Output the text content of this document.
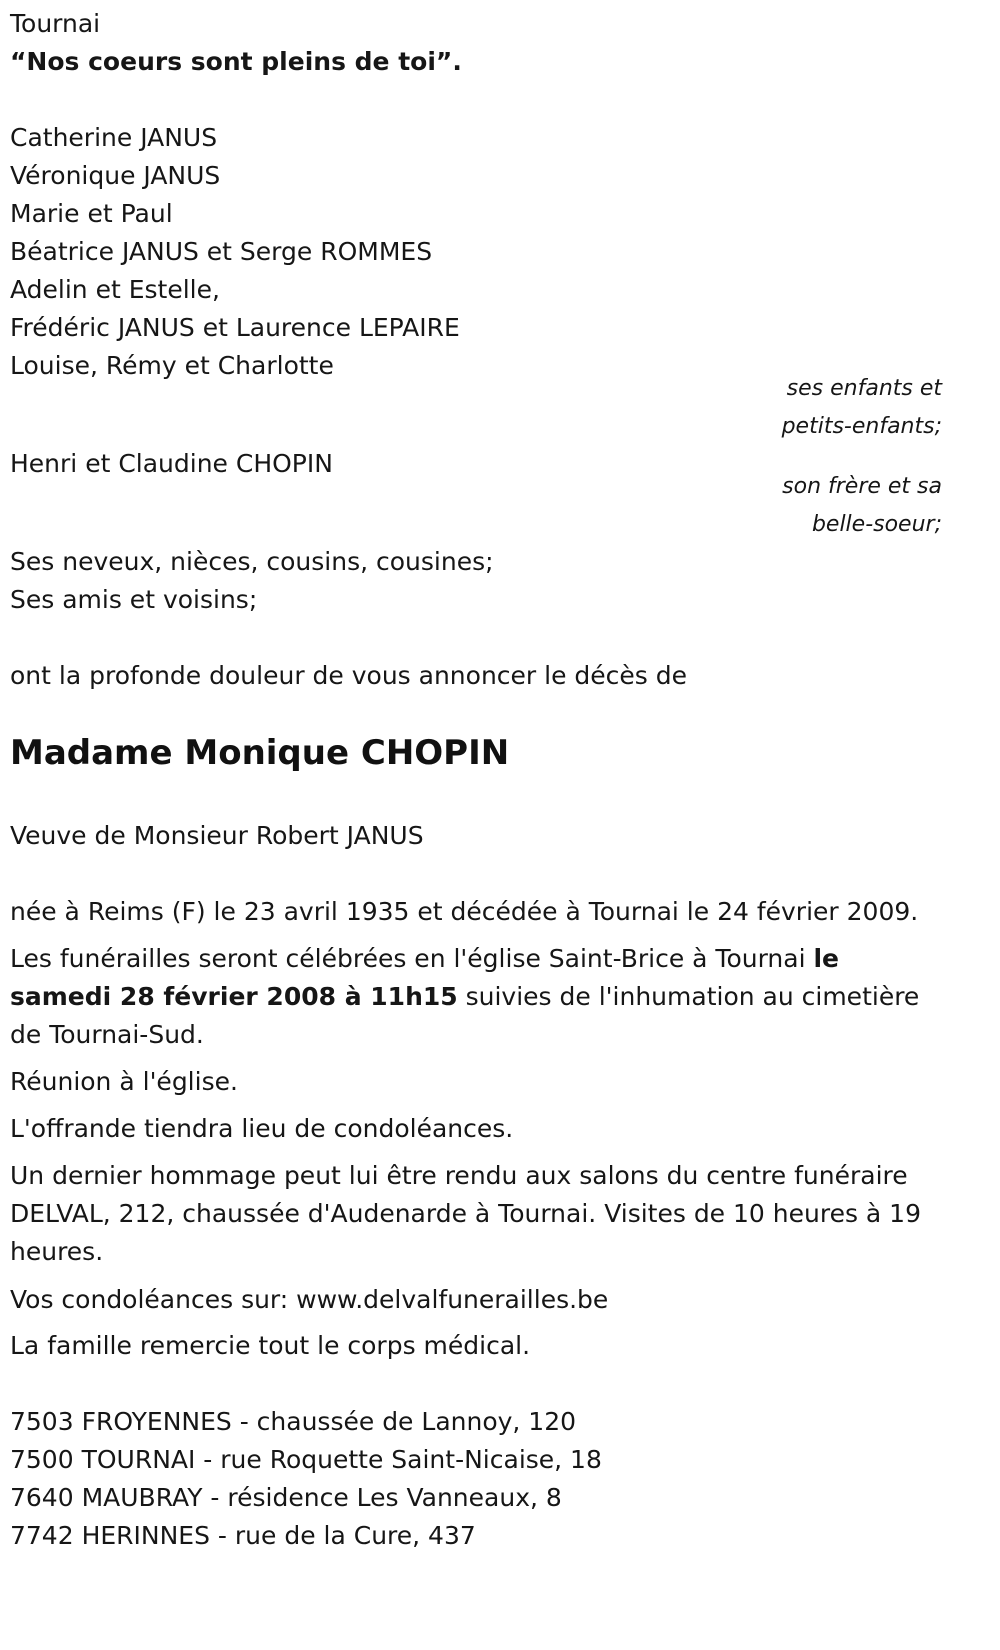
Tournai
“Nos coeurs sont pleins de toi”.
Catherine JANUS
Véronique JANUS
Marie et Paul
Béatrice JANUS et Serge ROMMES
Adelin et Estelle,
Frédéric JANUS et Laurence LEPAIRE
Louise, Rémy et Charlotte
ses enfants et
petits-enfants;
Henri et Claudine CHOPIN
son frère et sa
belle-soeur;
Ses neveux, nièces, cousins, cousines;
Ses amis et voisins;
ont la profonde douleur de vous annoncer le décès de
Madame Monique CHOPIN
Veuve de Monsieur Robert JANUS
née à Reims (F) le 23 avril 1935 et décédée à Tournai le 24 février 2009.
Les funérailles seront célébrées en l'église Saint-Brice à Tournai le samedi 28 février 2008 à 11h15 suivies de l'inhumation au cimetière de Tournai-Sud.
Réunion à l'église.
L'offrande tiendra lieu de condoléances.
Un dernier hommage peut lui être rendu aux salons du centre funéraire DELVAL, 212, chaussée d'Audenarde à Tournai. Visites de 10 heures à 19 heures.
Vos condoléances sur: www.delvalfunerailles.be
La famille remercie tout le corps médical.
7503 FROYENNES - chaussée de Lannoy, 120
7500 TOURNAI - rue Roquette Saint-Nicaise, 18
7640 MAUBRAY - résidence Les Vanneaux, 8
7742 HERINNES - rue de la Cure, 437
